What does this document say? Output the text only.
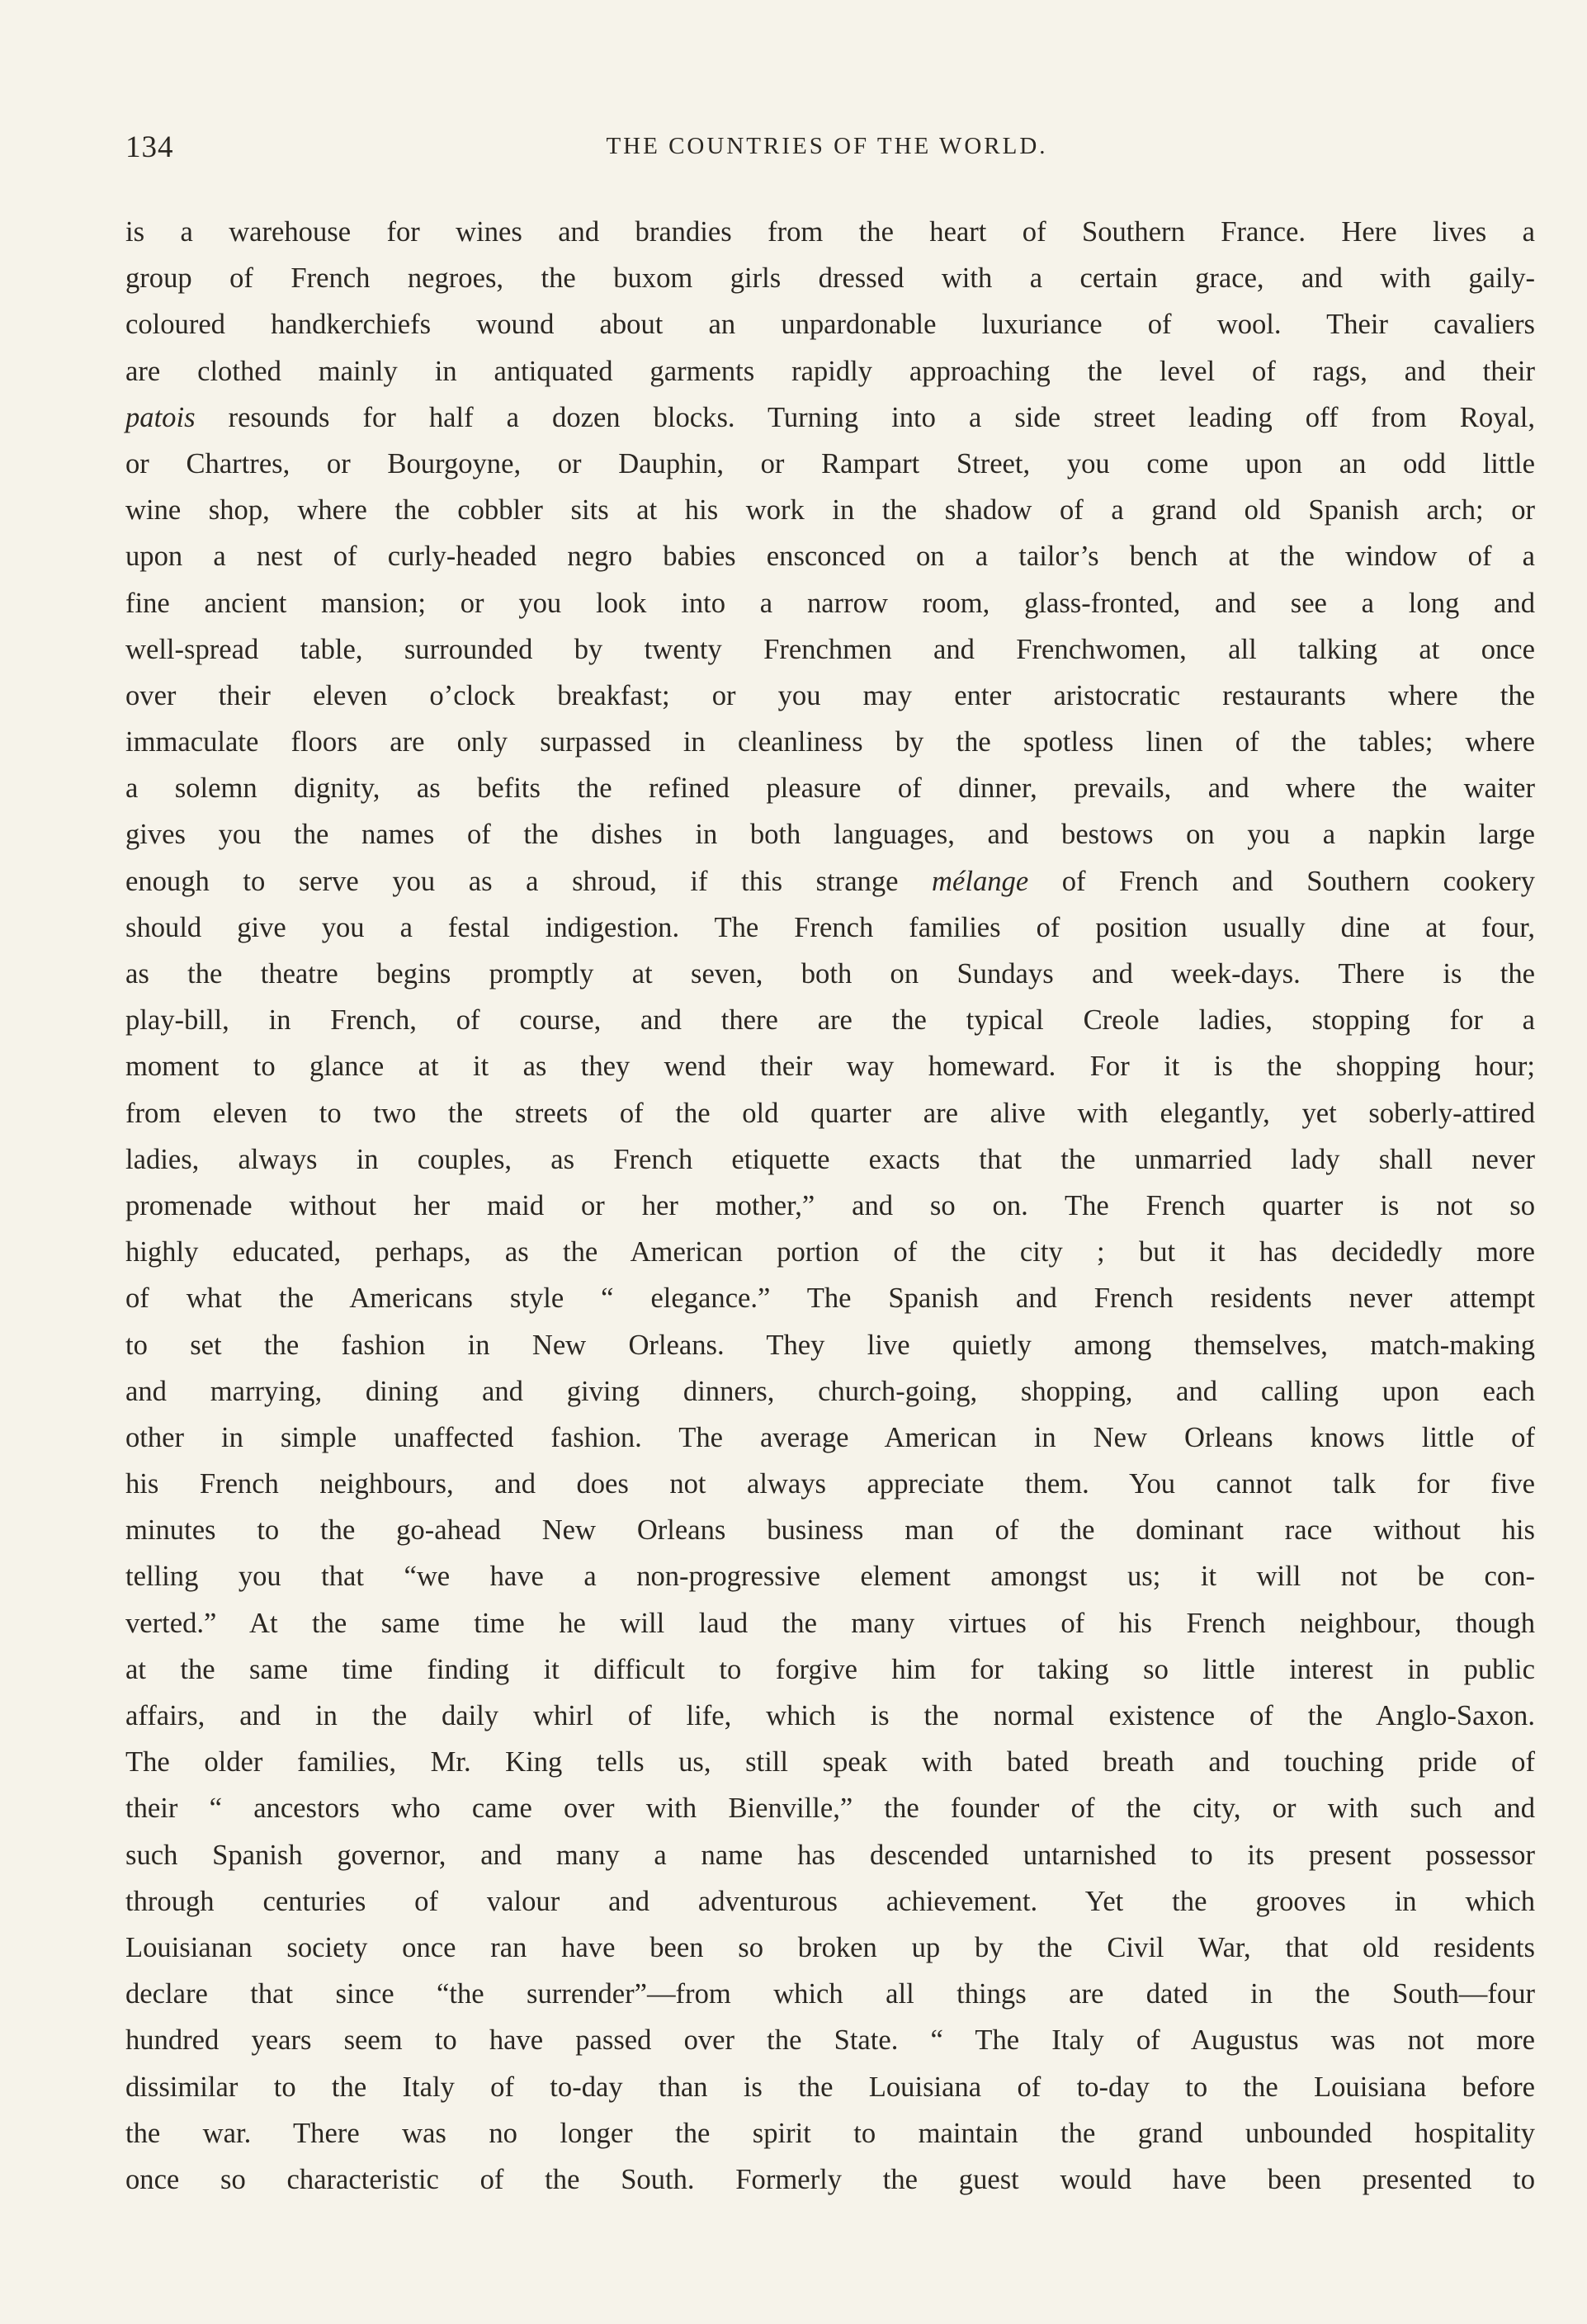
134	THE COUNTRIES OF THE WORLD.
is a warehouse for wines and brandies from the heart of Southern France. Here lives a
group of French negroes, the buxom girls dressed with a certain grace, and with gaily-
coloured handkerchiefs wound about an unpardonable luxuriance of wool. Their cavaliers
are clothed mainly in antiquated garments rapidly approaching the level of rags, and their
patois resounds for half a dozen blocks. Turning into a side street leading off from Royal,
or Chartres, or Bourgoyne, or Dauphin, or Rampart Street, you come upon an odd little
wine shop, where the cobbler sits at his work in the shadow of a grand old Spanish arch; or
upon a nest of curly-headed negro babies ensconced on a tailor’s bench at the window of a
fine ancient mansion; or you look into a narrow room, glass-fronted, and see a long and
well-spread table, surrounded by twenty Frenchmen and Frenchwomen, all talking at once
over their eleven o’clock breakfast; or you may enter aristocratic restaurants where the
immaculate floors are only surpassed in cleanliness by the spotless linen of the tables; where
a solemn dignity, as befits the refined pleasure of dinner, prevails, and where the waiter
gives you the names of the dishes in both languages, and bestows on you a napkin large
enough to serve you as a shroud, if this strange mélange of French and Southern cookery
should give you a festal indigestion. The French families of position usually dine at four,
as the theatre begins promptly at seven, both on Sundays and week-days. There is the
play-bill, in French, of course, and there are the typical Creole ladies, stopping for a
moment to glance at it as they wend their way homeward. For it is the shopping hour;
from eleven to two the streets of the old quarter are alive with elegantly, yet soberly-attired
ladies, always in couples, as French etiquette exacts that the unmarried lady shall never
promenade without her maid or her mother,” and so on. The French quarter is not so
highly educated, perhaps, as the American portion of the city ; but it has decidedly more
of what the Americans style “ elegance.” The Spanish and French residents never attempt
to set the fashion in New Orleans. They live quietly among themselves, match-making
and marrying, dining and giving dinners, church-going, shopping, and calling upon each
other in simple unaffected fashion. The average American in New Orleans knows little of
his French neighbours, and does not always appreciate them. You cannot talk for five
minutes to the go-ahead New Orleans business man of the dominant race without his
telling you that “we have a non-progressive element amongst us; it will not be con-
verted.” At the same time he will laud the many virtues of his French neighbour, though
at the same time finding it difficult to forgive him for taking so little interest in public
affairs, and in the daily whirl of life, which is the normal existence of the Anglo-Saxon.
The older families, Mr. King tells us, still speak with bated breath and touching pride of
their “ ancestors who came over with Bienville,” the founder of the city, or with such and
such Spanish governor, and many a name has descended untarnished to its present possessor
through centuries of valour and adventurous achievement. Yet the grooves in which
Louisianan society once ran have been so broken up by the Civil War, that old residents
declare that since “the surrender”—from which all things are dated in the South—four
hundred years seem to have passed over the State. “ The Italy of Augustus was not more
dissimilar to the Italy of to-day than is the Louisiana of to-day to the Louisiana before
the war. There was no longer the spirit to maintain the grand unbounded hospitality
once so characteristic of the South. Formerly the guest would have been presented to
